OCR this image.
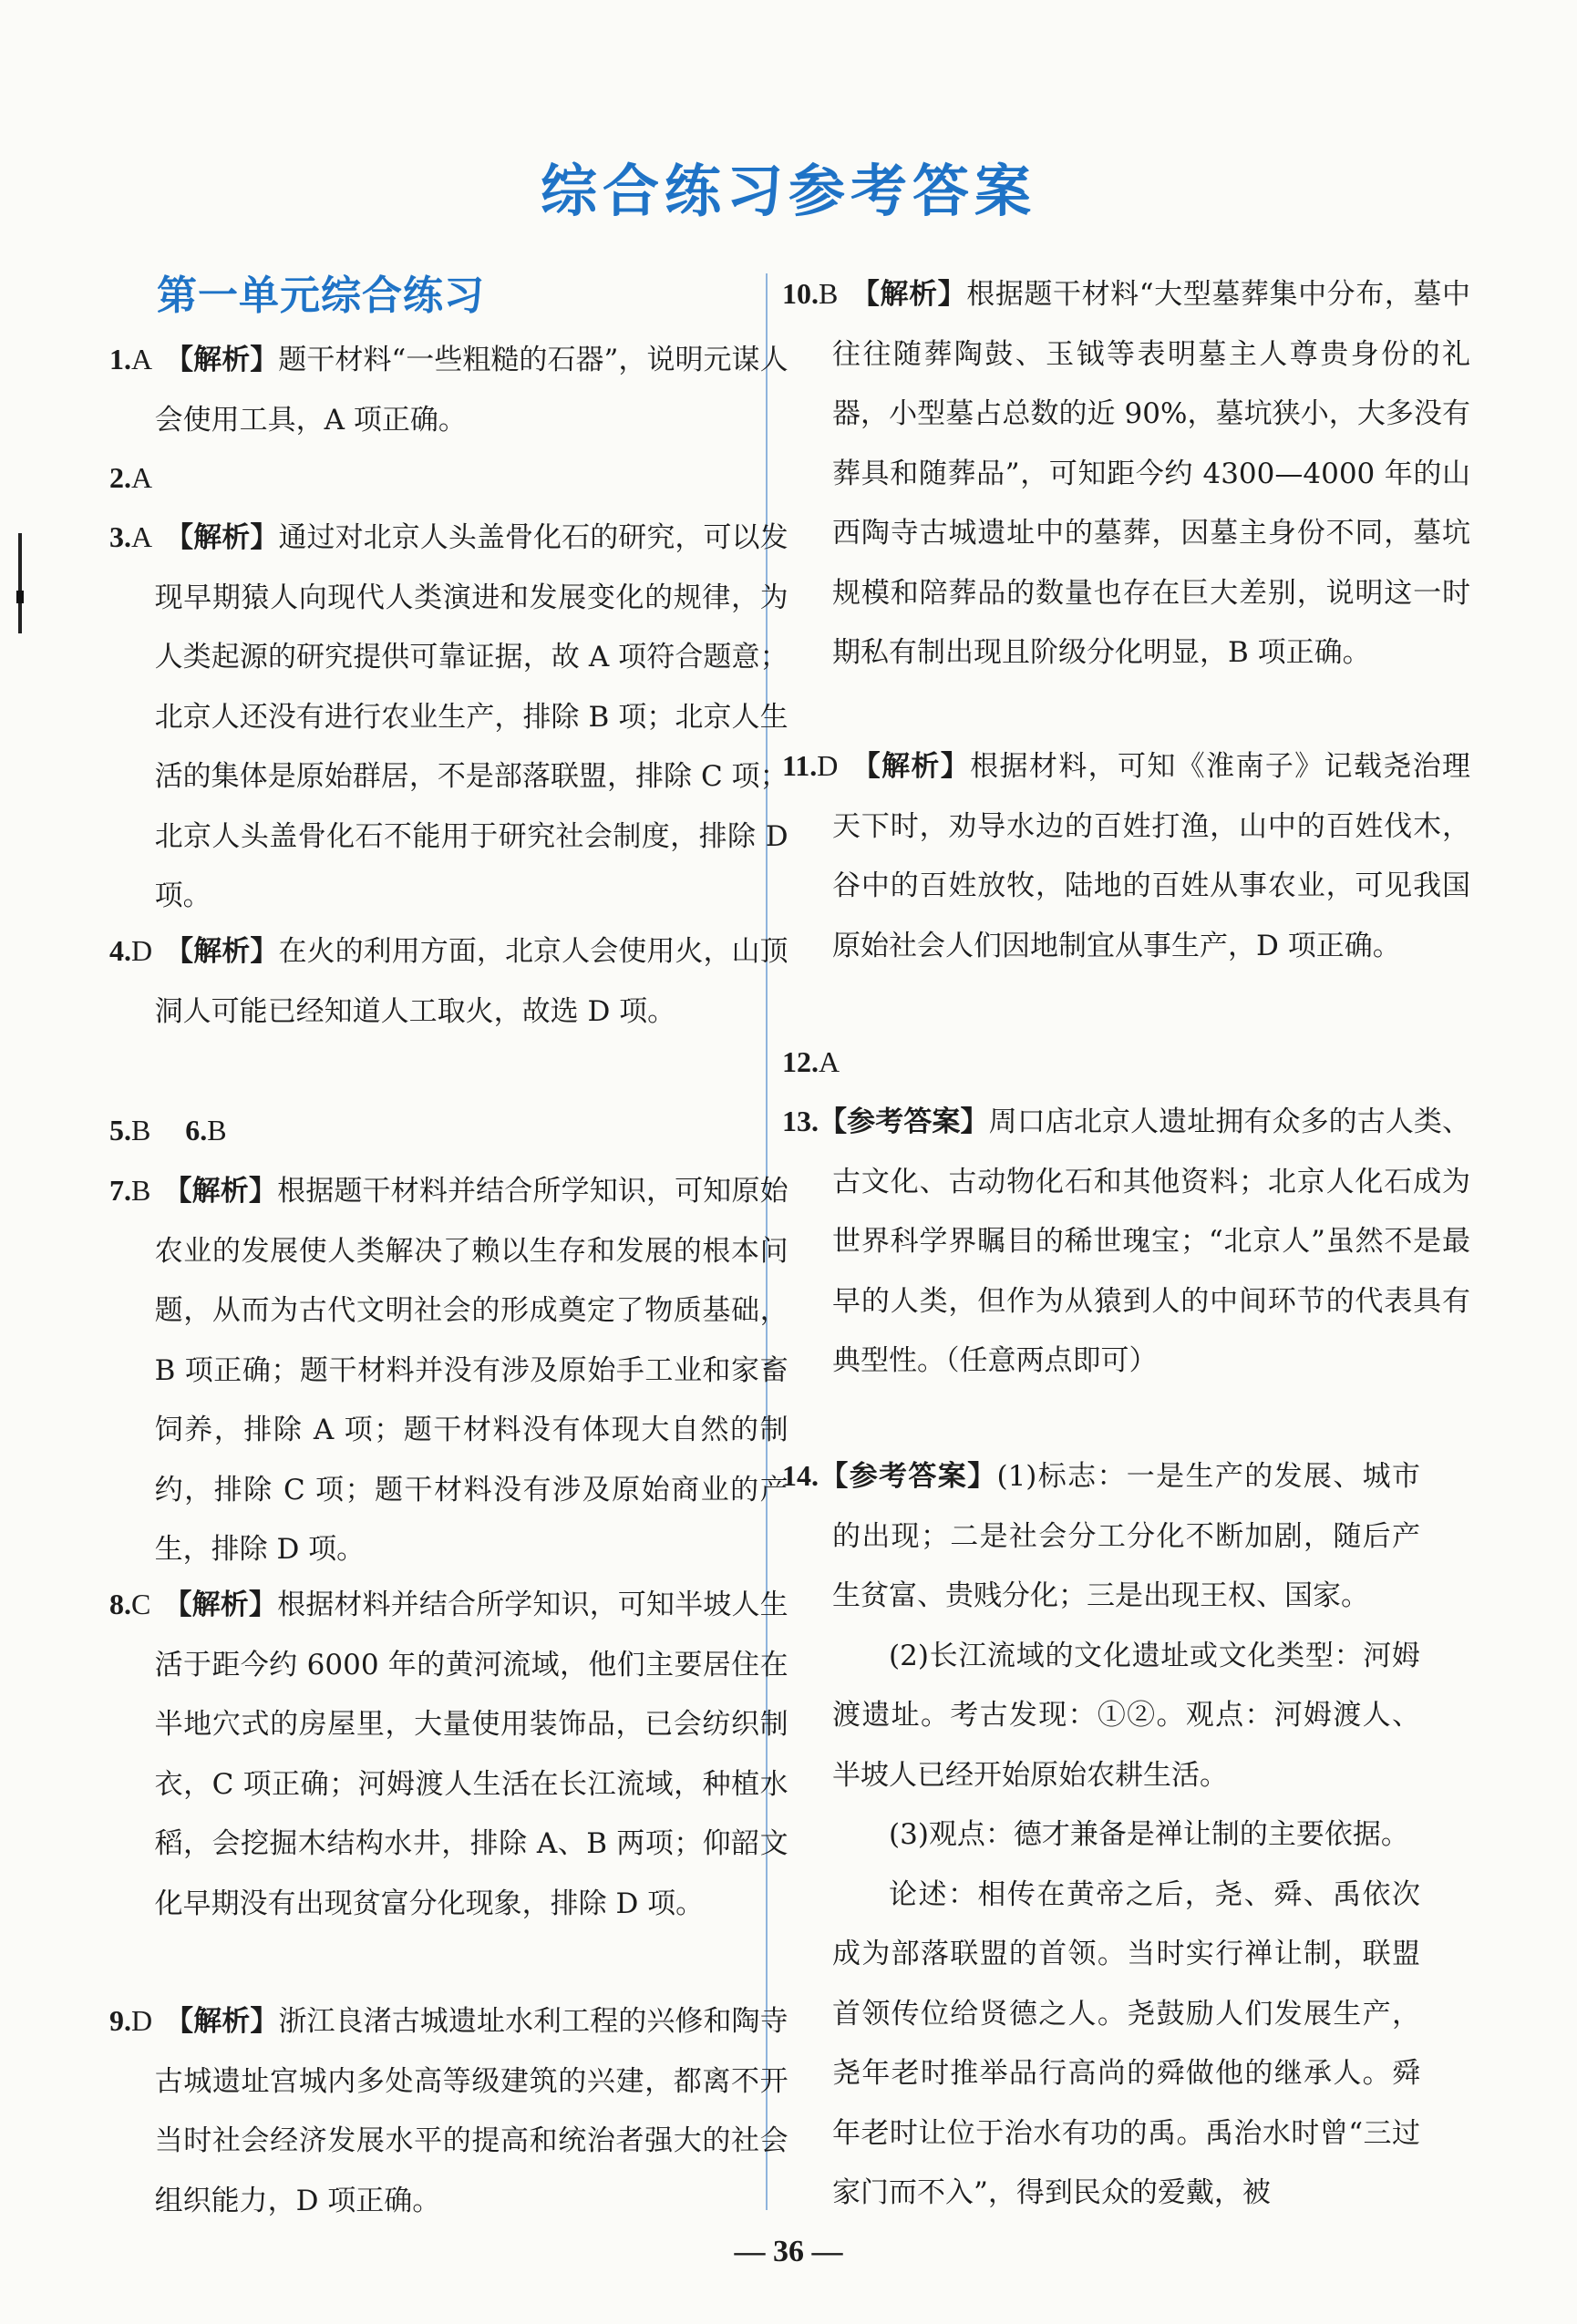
综合练习参考答案
第一单元综合练习
1.A 【解析】题干材料“一些粗糙的石器”，说明元谋人会使用工具，A 项正确。
2.A
3.A 【解析】通过对北京人头盖骨化石的研究，可以发现早期猿人向现代人类演进和发展变化的规律，为人类起源的研究提供可靠证据，故 A 项符合题意；北京人还没有进行农业生产，排除 B 项；北京人生活的集体是原始群居，不是部落联盟，排除 C 项；北京人头盖骨化石不能用于研究社会制度，排除 D 项。
4.D 【解析】在火的利用方面，北京人会使用火，山顶洞人可能已经知道人工取火，故选 D 项。
5.B 6.B
7.B 【解析】根据题干材料并结合所学知识，可知原始农业的发展使人类解决了赖以生存和发展的根本问题，从而为古代文明社会的形成奠定了物质基础，B 项正确；题干材料并没有涉及原始手工业和家畜饲养，排除 A 项；题干材料没有体现大自然的制约，排除 C 项；题干材料没有涉及原始商业的产生，排除 D 项。
8.C 【解析】根据材料并结合所学知识，可知半坡人生活于距今约 6000 年的黄河流域，他们主要居住在半地穴式的房屋里，大量使用装饰品，已会纺织制衣，C 项正确；河姆渡人生活在长江流域，种植水稻，会挖掘木结构水井，排除 A、B 两项；仰韶文化早期没有出现贫富分化现象，排除 D 项。
9.D 【解析】浙江良渚古城遗址水利工程的兴修和陶寺古城遗址宫城内多处高等级建筑的兴建，都离不开当时社会经济发展水平的提高和统治者强大的社会组织能力，D 项正确。
10.B 【解析】根据题干材料“大型墓葬集中分布，墓中往往随葬陶鼓、玉钺等表明墓主人尊贵身份的礼器，小型墓占总数的近 90%，墓坑狭小，大多没有葬具和随葬品”，可知距今约 4300—4000 年的山西陶寺古城遗址中的墓葬，因墓主身份不同，墓坑规模和陪葬品的数量也存在巨大差别，说明这一时期私有制出现且阶级分化明显，B 项正确。
11.D 【解析】根据材料，可知《淮南子》记载尧治理天下时，劝导水边的百姓打渔，山中的百姓伐木，谷中的百姓放牧，陆地的百姓从事农业，可见我国原始社会人们因地制宜从事生产，D 项正确。
12.A
13.【参考答案】周口店北京人遗址拥有众多的古人类、古文化、古动物化石和其他资料；北京人化石成为世界科学界瞩目的稀世瑰宝；“北京人”虽然不是最早的人类，但作为从猿到人的中间环节的代表具有典型性。（任意两点即可）
14.【参考答案】(1)标志：一是生产的发展、城市的出现；二是社会分工分化不断加剧，随后产生贫富、贵贱分化；三是出现王权、国家。
(2)长江流域的文化遗址或文化类型：河姆渡遗址。考古发现：①②。观点：河姆渡人、半坡人已经开始原始农耕生活。
(3)观点：德才兼备是禅让制的主要依据。
论述：相传在黄帝之后，尧、舜、禹依次成为部落联盟的首领。当时实行禅让制，联盟首领传位给贤德之人。尧鼓励人们发展生产，尧年老时推举品行高尚的舜做他的继承人。舜年老时让位于治水有功的禹。禹治水时曾“三过家门而不入”，得到民众的爱戴，被
— 36 —
